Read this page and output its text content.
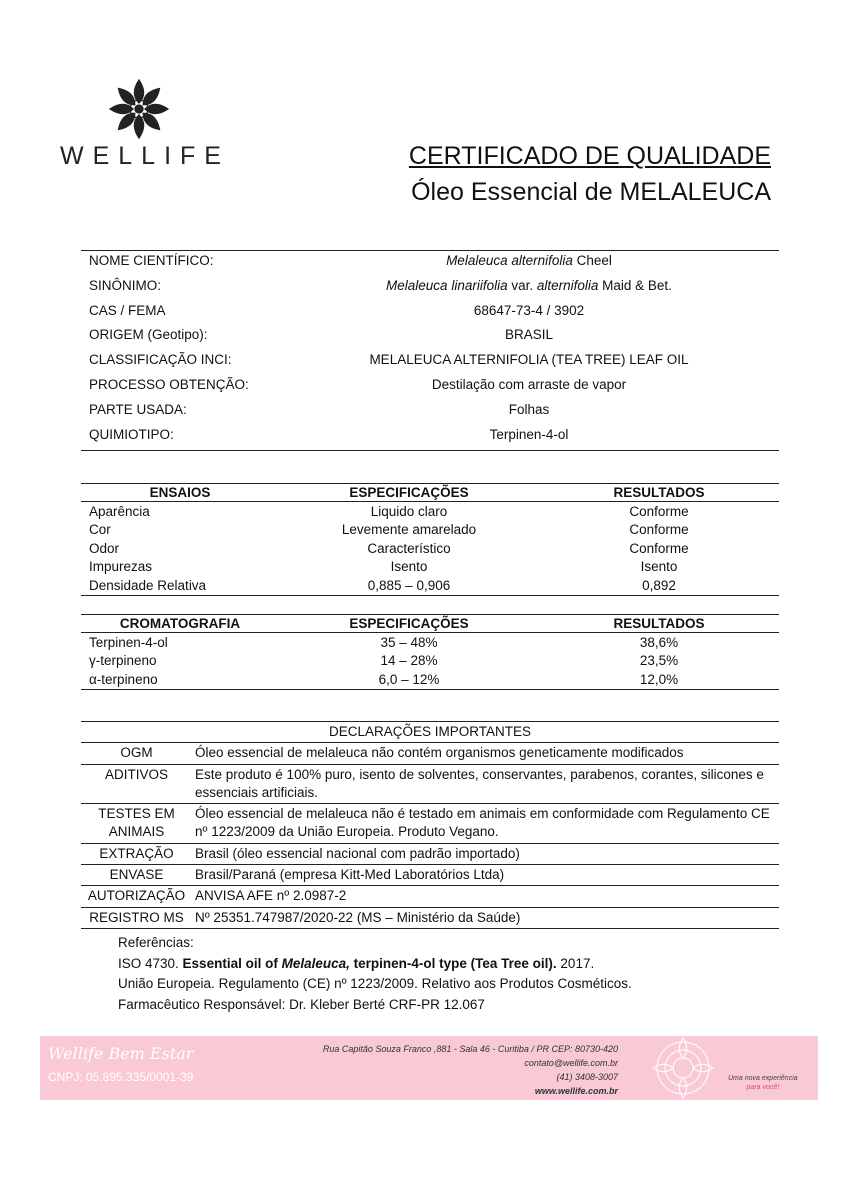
WELLIFE	CERTIFICADO DE QUALIDADE
Óleo Essencial de MELALEUCA
NOME CIENTÍFICO:	Melaleuca alternifolia Cheel
SINÔNIMO:	Melaleuca linariifolia var. alternifolia Maid & Bet.
CAS / FEMA	68647-73-4 / 3902
ORIGEM (Geotipo):	BRASIL
CLASSIFICAÇÃO INCI:	MELALEUCA ALTERNIFOLIA (TEA TREE) LEAF OIL
PROCESSO OBTENÇÃO:	Destilação com arraste de vapor
PARTE USADA:	Folhas
QUIMIOTIPO:	Terpinen-4-ol
ENSAIOS	ESPECIFICAÇÕES	RESULTADOS
Aparência	Liquido claro	Conforme
Cor	Levemente amarelado	Conforme
Odor	Característico	Conforme
Impurezas	Isento	Isento
Densidade Relativa	0,885 – 0,906	0,892
CROMATOGRAFIA	ESPECIFICAÇÕES	RESULTADOS
Terpinen-4-ol	35 – 48%	38,6%
γ-terpineno	14 – 28%	23,5%
α-terpineno	6,0 – 12%	12,0%
DECLARAÇÕES IMPORTANTES	
OGM	Óleo essencial de melaleuca não contém organismos geneticamente modificados
ADITIVOS	Este produto é 100% puro, isento de solventes, conservantes, parabenos, corantes, silicones e essenciais artificiais.
TESTES EM ANIMAIS	Óleo essencial de melaleuca não é testado em animais em conformidade com Regulamento CE nº 1223/2009 da União Europeia. Produto Vegano.
EXTRAÇÃO	Brasil (óleo essencial nacional com padrão importado)
ENVASE	Brasil/Paraná (empresa Kitt-Med Laboratórios Ltda)
AUTORIZAÇÃO	ANVISA AFE nº 2.0987-2
REGISTRO MS	Nº 25351.747987/2020-22 (MS – Ministério da Saúde)
Referências:
ISO 4730. Essential oil of Melaleuca, terpinen-4-ol type (Tea Tree oil). 2017.
União Europeia. Regulamento (CE) nº 1223/2009. Relativo aos Produtos Cosméticos.
Farmacêutico Responsável: Dr. Kleber Berté CRF-PR 12.067
Wellife Bem Estar
CNPJ: 05.895.335/0001-39
Rua Capitão Souza Franco ,881 - Sala 46 - Curitiba / PR CEP: 80730-420
contato@wellife.com.br
(41) 3408-3007
www.wellife.com.br
Uma nova experiência
para você!
